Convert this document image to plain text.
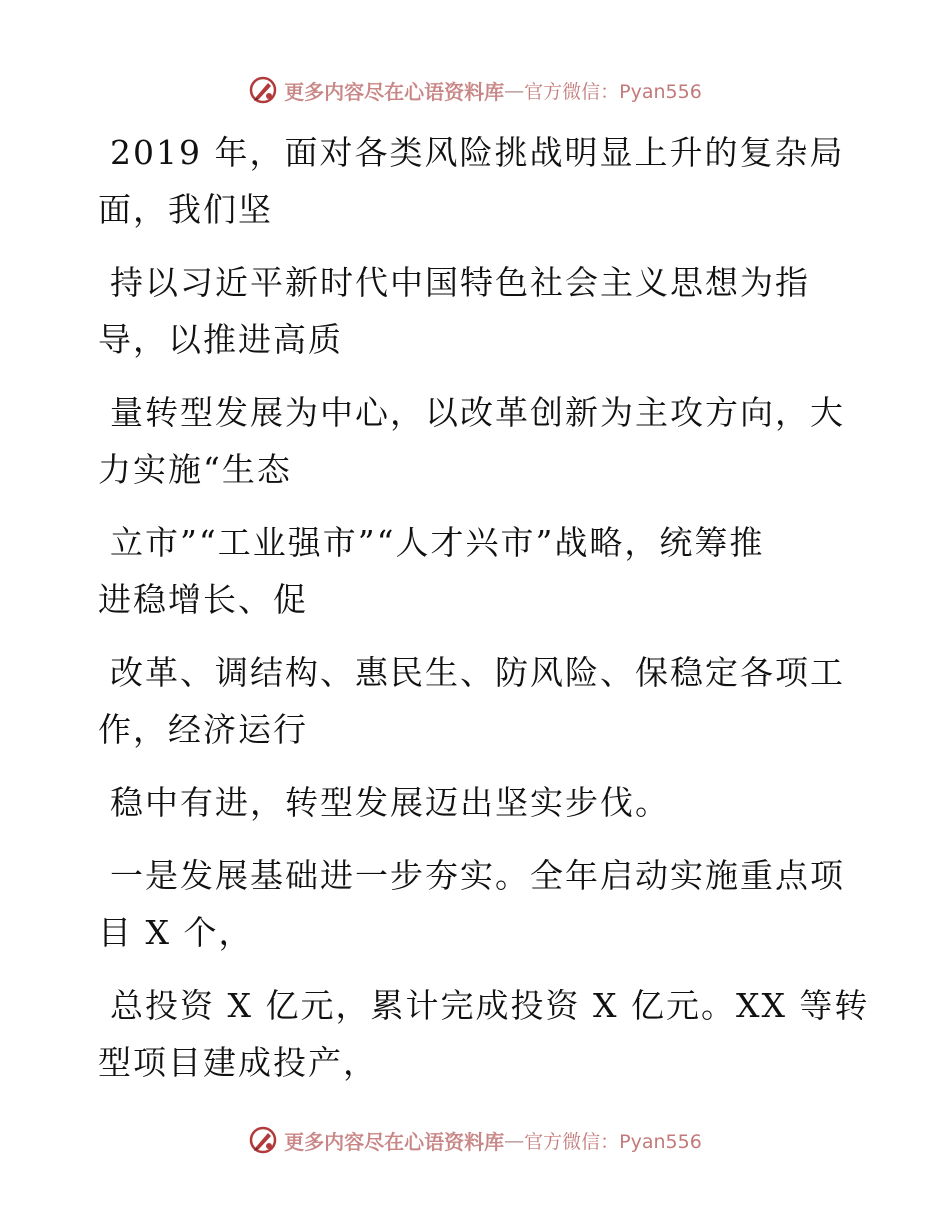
更多内容尽在心语资料库 — 官方微信：Pyan556

2019 年，面对各类风险挑战明显上升的复杂局
面，我们坚

持以习近平新时代中国特色社会主义思想为指
导，以推进高质

量转型发展为中心，以改革创新为主攻方向，大
力实施“生态

立市”“工业强市”“人才兴市”战略，统筹推
进稳增长、促

改革、调结构、惠民生、防风险、保稳定各项工
作，经济运行

稳中有进，转型发展迈出坚实步伐。

一是发展基础进一步夯实。全年启动实施重点项
目 X 个，

总投资 X 亿元，累计完成投资 X 亿元。XX 等转
型项目建成投产，

更多内容尽在心语资料库 — 官方微信：Pyan556
